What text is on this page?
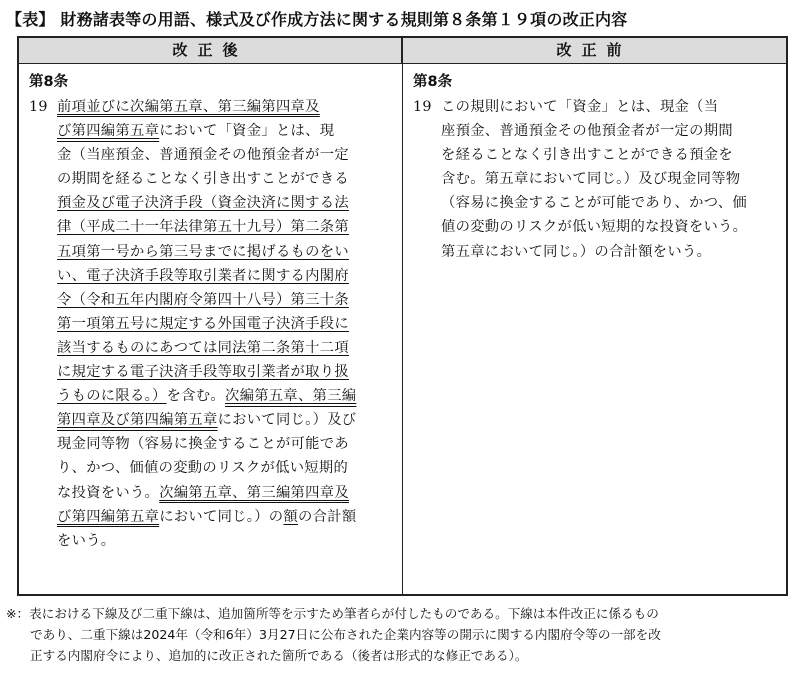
【表】 財務諸表等の用語、様式及び作成方法に関する規則第８条第１９項の改正内容
改正後	改正前
第8条
19 前項並びに次編第五章、第三編第四章及
び第四編第五章において「資金」とは、現
金（当座預金、普通預金その他預金者が一定
の期間を経ることなく引き出すことができる
預金及び電子決済手段（資金決済に関する法
律（平成二十一年法律第五十九号）第二条第
五項第一号から第三号までに掲げるものをい
い、電子決済手段等取引業者に関する内閣府
令（令和五年内閣府令第四十八号）第三十条
第一項第五号に規定する外国電子決済手段に
該当するものにあつては同法第二条第十二項
に規定する電子決済手段等取引業者が取り扱
うものに限る。）を含む。次編第五章、第三編
第四章及び第四編第五章において同じ。）及び
現金同等物（容易に換金することが可能であ
り、かつ、価値の変動のリスクが低い短期的
な投資をいう。次編第五章、第三編第四章及
び第四編第五章において同じ。）の額の合計額
をいう。
第8条
19 この規則において「資金」とは、現金（当
座預金、普通預金その他預金者が一定の期間
を経ることなく引き出すことができる預金を
含む。第五章において同じ。）及び現金同等物
（容易に換金することが可能であり、かつ、価
値の変動のリスクが低い短期的な投資をいう。
第五章において同じ。）の合計額をいう。
※：表における下線及び二重下線は、追加箇所等を示すため筆者らが付したものである。下線は本件改正に係るもの
であり、二重下線は2024年（令和6年）3月27日に公布された企業内容等の開示に関する内閣府令等の一部を改
正する内閣府令により、追加的に改正された箇所である（後者は形式的な修正である）。
